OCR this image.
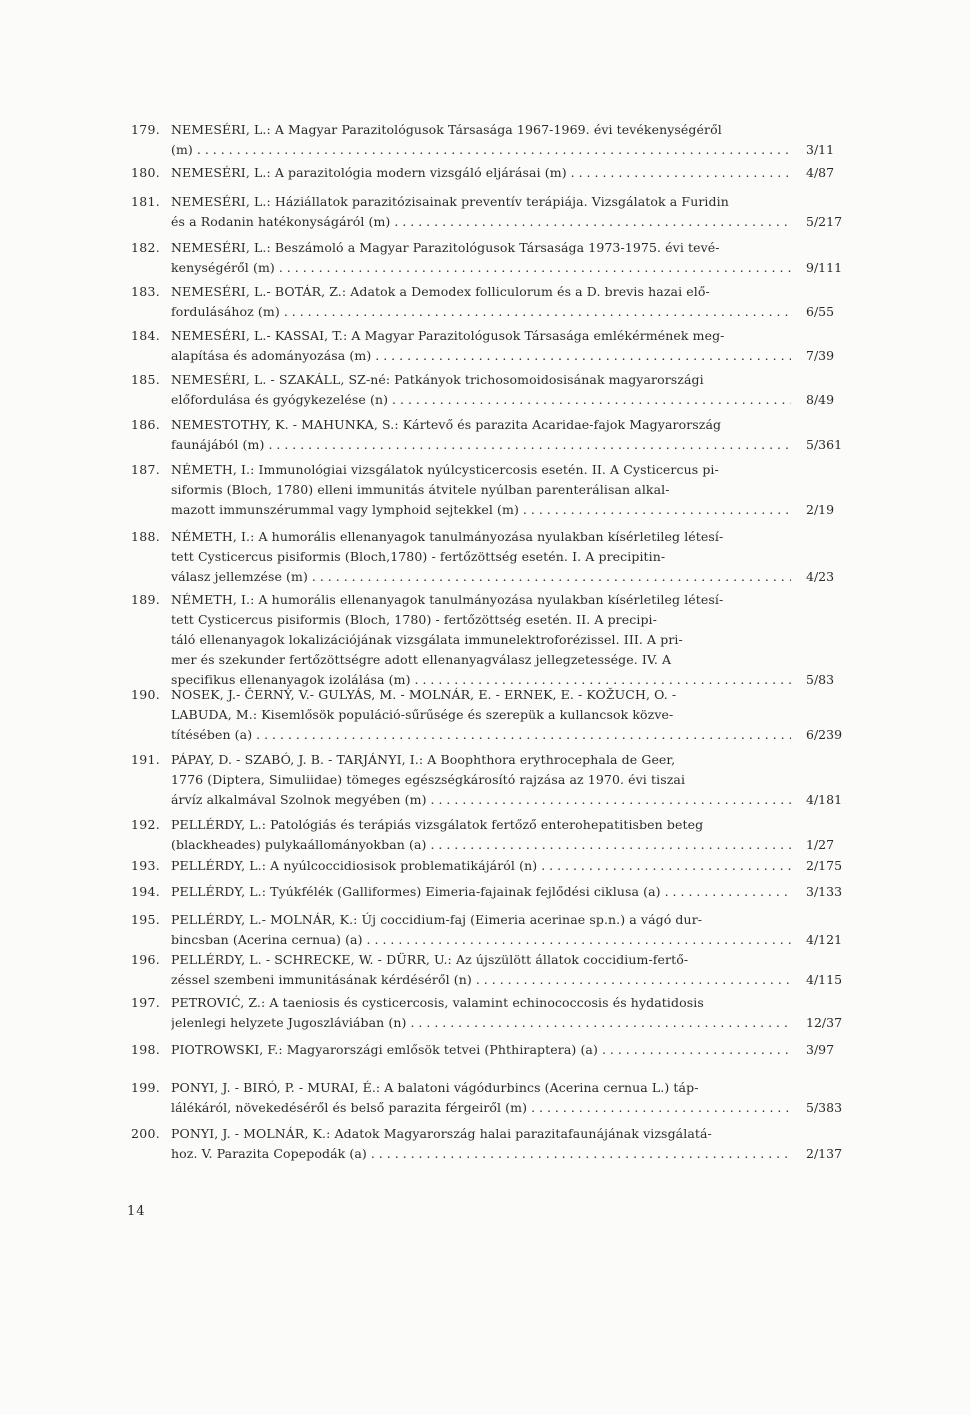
179. NEMESÉRI, L.: A Magyar Parazitológusok Társasága 1967-1969. évi tevékenységéről
(m) . . .	3/11
180. NEMESÉRI, L.: A parazitológia modern vizsgáló eljárásai (m) . . .	4/87
181. NEMESÉRI, L.: Háziállatok parazitózisainak preventív terápiája. Vizsgálatok a Furidin
és a Rodanin hatékonyságáról (m) . . .	5/217
182. NEMESÉRI, L.: Beszámoló a Magyar Parazitológusok Társasága 1973-1975. évi tevé-
kenységéről (m) . . .	9/111
183. NEMESÉRI, L.- BOTÁR, Z.: Adatok a Demodex folliculorum és a D. brevis hazai elő-
fordulásához (m) . . .	6/55
184. NEMESÉRI, L.- KASSAI, T.: A Magyar Parazitológusok Társasága emlékérmének meg-
alapítása és adományozása (m) . . .	7/39
185. NEMESÉRI, L. - SZAKÁLL, SZ-né: Patkányok trichosomoidosisának magyarországi
előfordulása és gyógykezelése (n) . . .	8/49
186. NEMESTOTHY, K. - MAHUNKA, S.: Kártevő és parazita Acaridae-fajok Magyarország
faunájából (m) . . .	5/361
187. NÉMETH, I.: Immunológiai vizsgálatok nyúlcysticercosis esetén. II. A Cysticercus pi-
siformis (Bloch, 1780) elleni immunitás átvitele nyúlban parenterálisan alkal-
mazott immunszérummal vagy lymphoid sejtekkel (m) . . .	2/19
188. NÉMETH, I.: A humorális ellenanyagok tanulmányozása nyulakban kísérletileg létesí-
tett Cysticercus pisiformis (Bloch,1780) - fertőzöttség esetén. I. A precipitin-
válasz jellemzése (m) . . .	4/23
189. NÉMETH, I.: A humorális ellenanyagok tanulmányozása nyulakban kísérletileg létesí-
tett Cysticercus pisiformis (Bloch, 1780) - fertőzöttség esetén. II. A precipi-
táló ellenanyagok lokalizációjának vizsgálata immunelektroforézissel. III. A pri-
mer és szekunder fertőzöttségre adott ellenanyagválasz jellegzetessége. IV. A
specifikus ellenanyagok izolálása (m) . . .	5/83
190. NOSEK, J.- ČERNÝ, V.- GULYÁS, M. - MOLNÁR, E. - ERNEK, E. - KOŽUCH, O. -
LABUDA, M.: Kisemlősök populáció-sűrűsége és szerepük a kullancsok közve-
títésében (a) . . .	6/239
191. PÁPAY, D. - SZABÓ, J. B. - TARJÁNYI, I.: A Boophthora erythrocephala de Geer,
1776 (Diptera, Simuliidae) tömeges egészségkárosító rajzása az 1970. évi tiszai
árvíz alkalmával Szolnok megyében (m) . . .	4/181
192. PELLÉRDY, L.: Patológiás és terápiás vizsgálatok fertőző enterohepatitisben beteg
(blackheades) pulykaállományokban (a) . . .	1/27
193. PELLÉRDY, L.: A nyúlcoccidiosisok problematikájáról (n) . . .	2/175
194. PELLÉRDY, L.: Tyúkfélék (Galliformes) Eimeria-fajainak fejlődési ciklusa (a) . . .	3/133
195. PELLÉRDY, L.- MOLNÁR, K.: Új coccidium-faj (Eimeria acerinae sp.n.) a vágó dur-
bincsban (Acerina cernua) (a) . . .	4/121
196. PELLÉRDY, L. - SCHRECKE, W. - DÜRR, U.: Az újszülött állatok coccidium-fertő-
zéssel szembeni immunitásának kérdéséről (n) . . .	4/115
197. PETROVIĆ, Z.: A taeniosis és cysticercosis, valamint echinococcosis és hydatidosis
jelenlegi helyzete Jugoszláviában (n) . . .	12/37
198. PIOTROWSKI, F.: Magyarországi emlősök tetvei (Phthiraptera) (a) . . .	3/97
199. PONYI, J. - BIRÓ, P. - MURAI, É.: A balatoni vágódurbincs (Acerina cernua L.) táp-
lálékáról, növekedéséről és belső parazita férgeiről (m) . . .	5/383
200. PONYI, J. - MOLNÁR, K.: Adatok Magyarország halai parazitafaunájának vizsgálatá-
hoz. V. Parazita Copepodák (a) . . .	2/137
14
